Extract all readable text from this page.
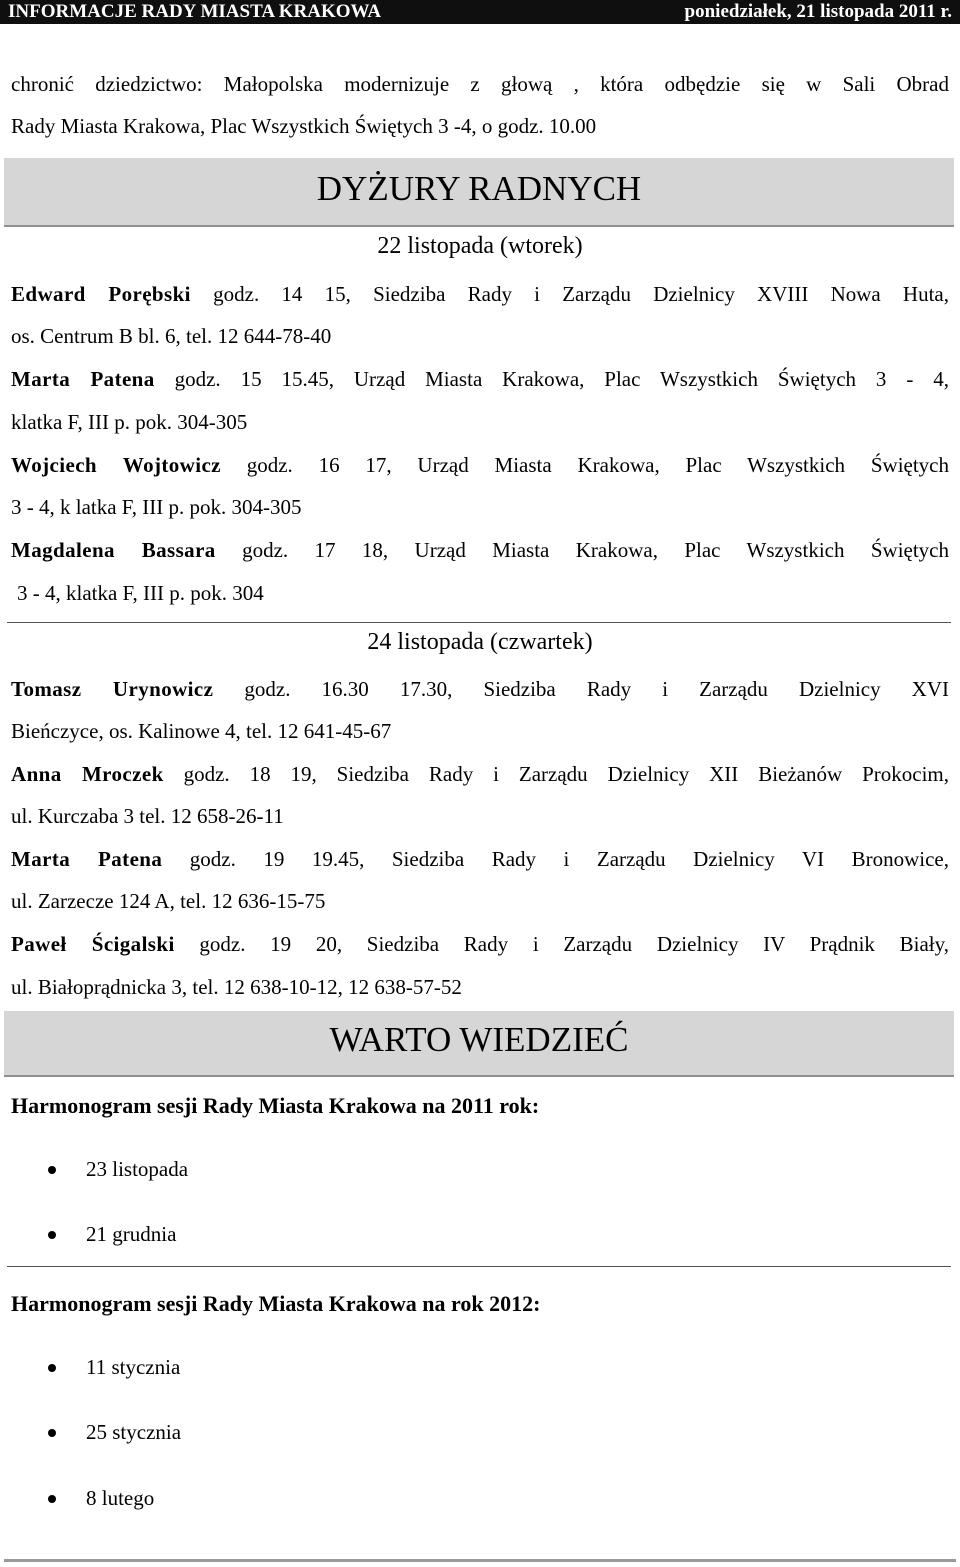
INFORMACJE RADY MIASTA KRAKOWA	poniedziałek, 21 listopada 2011 r.
chronić dziedzictwo: Małopolska modernizuje z głową , która odbędzie się w Sali Obrad
Rady Miasta Krakowa, Plac Wszystkich Świętych 3 -4, o godz. 10.00
DYŻURY RADNYCH
22 listopada (wtorek)
Edward Porębski godz. 14 15, Siedziba Rady i Zarządu Dzielnicy XVIII Nowa Huta,
os. Centrum B bl. 6, tel. 12 644-78-40
Marta Patena godz. 15 15.45, Urząd Miasta Krakowa, Plac Wszystkich Świętych 3 - 4,
klatka F, III p. pok. 304-305
Wojciech Wojtowicz godz. 16 17, Urząd Miasta Krakowa, Plac Wszystkich Świętych
3 - 4, k latka F, III p. pok. 304-305
Magdalena Bassara godz. 17 18, Urząd Miasta Krakowa, Plac Wszystkich Świętych
3 - 4, klatka F, III p. pok. 304
24 listopada (czwartek)
Tomasz Urynowicz godz. 16.30 17.30, Siedziba Rady i Zarządu Dzielnicy XVI
Bieńczyce, os. Kalinowe 4, tel. 12 641-45-67
Anna Mroczek godz. 18 19, Siedziba Rady i Zarządu Dzielnicy XII Bieżanów Prokocim,
ul. Kurczaba 3 tel. 12 658-26-11
Marta Patena godz. 19 19.45, Siedziba Rady i Zarządu Dzielnicy VI Bronowice,
ul. Zarzecze 124 A, tel. 12 636-15-75
Paweł Ścigalski godz. 19 20, Siedziba Rady i Zarządu Dzielnicy IV Prądnik Biały,
ul. Białoprądnicka 3, tel. 12 638-10-12, 12 638-57-52
WARTO WIEDZIEĆ
Harmonogram sesji Rady Miasta Krakowa na 2011 rok:
23 listopada
21 grudnia
Harmonogram sesji Rady Miasta Krakowa na rok 2012:
11 stycznia
25 stycznia
8 lutego
